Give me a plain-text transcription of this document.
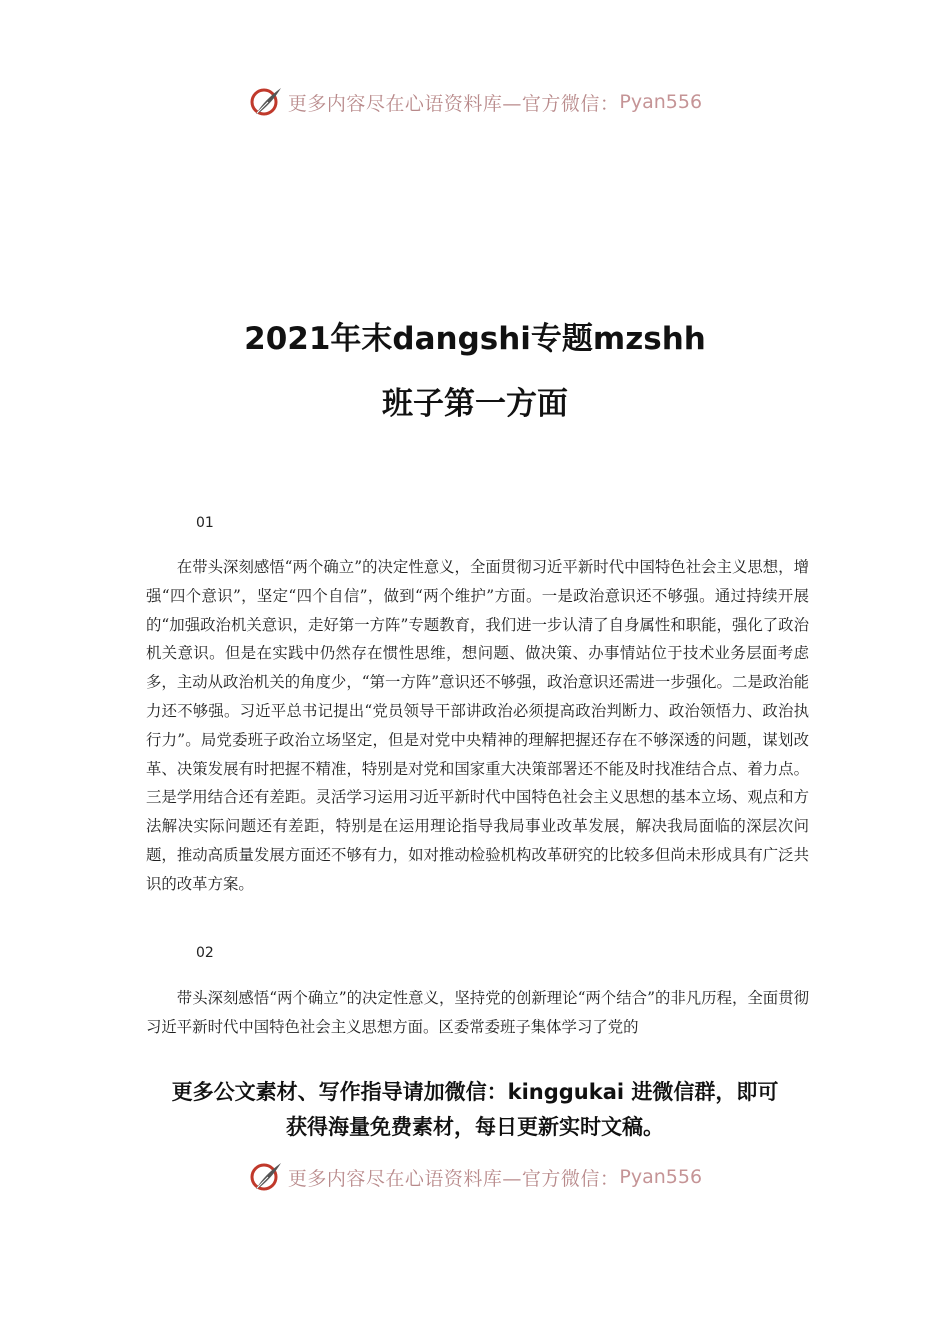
更多内容尽在心语资料库—官方微信： Pyan556
2021年末dangshi专题mzshh
班子第一方面
01

在带头深刻感悟“两个确立”的决定性意义，全面贯彻习近平新时代中国特色社会主义思想，增强“四个意识”，坚定“四个自信”，做到“两个维护”方面。一是政治意识还不够强。通过持续开展的“加强政治机关意识，走好第一方阵”专题教育，我们进一步认清了自身属性和职能，强化了政治机关意识。但是在实践中仍然存在惯性思维，想问题、做决策、办事情站位于技术业务层面考虑多，主动从政治机关的角度少，“第一方阵”意识还不够强，政治意识还需进一步强化。二是政治能力还不够强。习近平总书记提出“党员领导干部讲政治必须提高政治判断力、政治领悟力、政治执行力”。局党委班子政治立场坚定，但是对党中央精神的理解把握还存在不够深透的问题，谋划改革、决策发展有时把握不精准，特别是对党和国家重大决策部署还不能及时找准结合点、着力点。三是学用结合还有差距。灵活学习运用习近平新时代中国特色社会主义思想的基本立场、观点和方法解决实际问题还有差距，特别是在运用理论指导我局事业改革发展，解决我局面临的深层次问题，推动高质量发展方面还不够有力，如对推动检验机构改革研究的比较多但尚未形成具有广泛共识的改革方案。

02

带头深刻感悟“两个确立”的决定性意义，坚持党的创新理论“两个结合”的非凡历程，全面贯彻习近平新时代中国特色社会主义思想方面。区委常委班子集体学习了党的

更多公文素材、写作指导请加微信：kinggukai 进微信群，即可
获得海量免费素材，每日更新实时文稿。
更多内容尽在心语资料库—官方微信： Pyan556
